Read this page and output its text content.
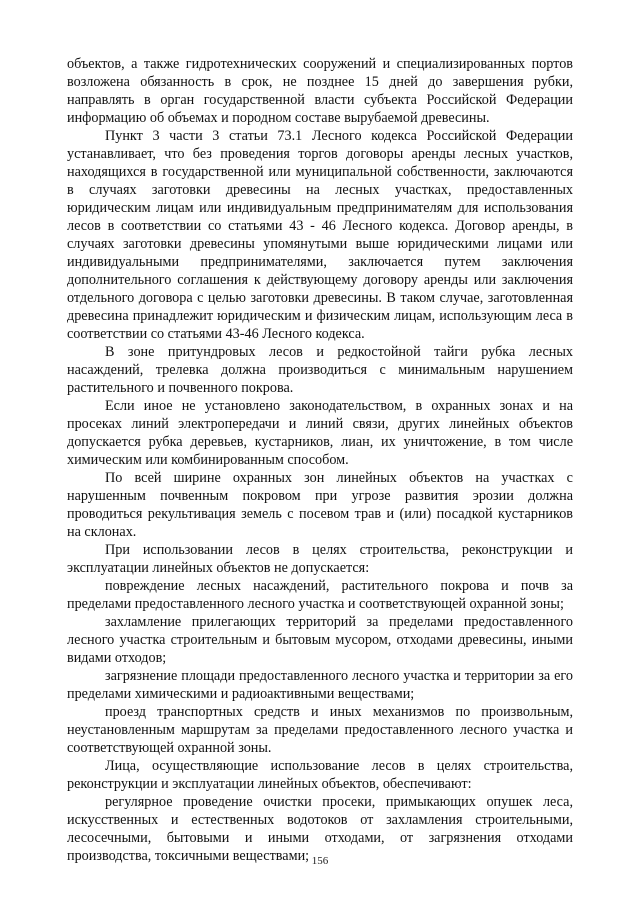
объектов, а также гидротехнических сооружений и специализированных портов
возложена обязанность в срок, не позднее 15 дней до завершения рубки,
направлять в орган государственной власти субъекта Российской Федерации
информацию об объемах и породном составе вырубаемой древесины.
Пункт 3 части 3 статьи 73.1 Лесного кодекса Российской Федерации
устанавливает, что без проведения торгов договоры аренды лесных участков,
находящихся в государственной или муниципальной собственности, заключаются
в случаях заготовки древесины на лесных участках, предоставленных
юридическим лицам или индивидуальным предпринимателям для использования
лесов в соответствии со статьями 43 - 46 Лесного кодекса. Договор аренды, в
случаях заготовки древесины упомянутыми выше юридическими лицами или
индивидуальными предпринимателями, заключается путем заключения
дополнительного соглашения к действующему договору аренды или заключения
отдельного договора с целью заготовки древесины. В таком случае, заготовленная
древесина принадлежит юридическим и физическим лицам, использующим леса в
соответствии со статьями 43-46 Лесного кодекса.
В зоне притундровых лесов и редкостойной тайги рубка лесных
насаждений, трелевка должна производиться с минимальным нарушением
растительного и почвенного покрова.
Если иное не установлено законодательством, в охранных зонах и на
просеках линий электропередачи и линий связи, других линейных объектов
допускается рубка деревьев, кустарников, лиан, их уничтожение, в том числе
химическим или комбинированным способом.
По всей ширине охранных зон линейных объектов на участках с
нарушенным почвенным покровом при угрозе развития эрозии должна
проводиться рекультивация земель с посевом трав и (или) посадкой кустарников
на склонах.
При использовании лесов в целях строительства, реконструкции и
эксплуатации линейных объектов не допускается:
повреждение лесных насаждений, растительного покрова и почв за
пределами предоставленного лесного участка и соответствующей охранной зоны;
захламление прилегающих территорий за пределами предоставленного
лесного участка строительным и бытовым мусором, отходами древесины, иными
видами отходов;
загрязнение площади предоставленного лесного участка и территории за его
пределами химическими и радиоактивными веществами;
проезд транспортных средств и иных механизмов по произвольным,
неустановленным маршрутам за пределами предоставленного лесного участка и
соответствующей охранной зоны.
Лица, осуществляющие использование лесов в целях строительства,
реконструкции и эксплуатации линейных объектов, обеспечивают:
регулярное проведение очистки просеки, примыкающих опушек леса,
искусственных и естественных водотоков от захламления строительными,
лесосечными, бытовыми и иными отходами, от загрязнения отходами
производства, токсичными веществами; 156
